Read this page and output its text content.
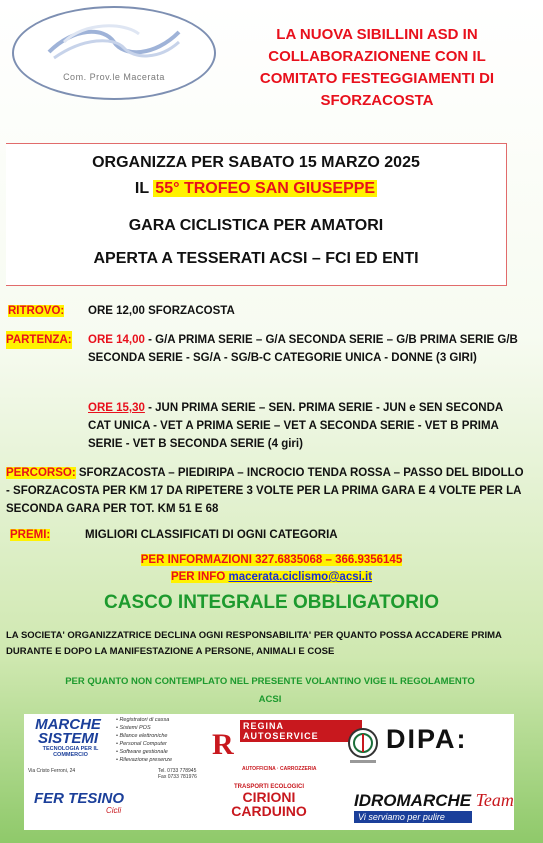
Com. Prov.le Macerata
LA NUOVA SIBILLINI ASD IN
COLLABORAZIONENE CON IL
COMITATO FESTEGGIAMENTI DI
SFORZACOSTA
ORGANIZZA PER SABATO 15 MARZO 2025
IL 55° TROFEO SAN GIUSEPPE
GARA CICLISTICA PER AMATORI
APERTA A TESSERATI ACSI – FCI ED ENTI
RITROVO: ORE 12,00 SFORZACOSTA
PARTENZA: ORE 14,00 - G/A PRIMA SERIE – G/A SECONDA SERIE – G/B PRIMA SERIE G/B SECONDA SERIE - SG/A - SG/B-C CATEGORIE UNICA - DONNE (3 GIRI)
ORE 15,30 - JUN PRIMA SERIE – SEN. PRIMA SERIE - JUN e SEN SECONDA CAT UNICA - VET A PRIMA SERIE – VET A SECONDA SERIE - VET B PRIMA SERIE - VET B SECONDA SERIE (4 giri)
PERCORSO: SFORZACOSTA – PIEDIRIPA – INCROCIO TENDA ROSSA – PASSO DEL BIDOLLO - SFORZACOSTA PER KM 17 DA RIPETERE 3 VOLTE PER LA PRIMA GARA E 4 VOLTE PER LA SECONDA GARA PER TOT. KM 51 E 68
PREMI:	MIGLIORI CLASSIFICATI DI OGNI CATEGORIA
PER INFORMAZIONI 327.6835068 – 366.9356145
PER INFO macerata.ciclismo@acsi.it
CASCO INTEGRALE OBBLIGATORIO
LA SOCIETA' ORGANIZZATRICE DECLINA OGNI RESPONSABILITA' PER QUANTO POSSA ACCADERE PRIMA DURANTE E DOPO LA MANIFESTAZIONE A PERSONE, ANIMALI E COSE
PER QUANTO NON CONTEMPLATO NEL PRESENTE VOLANTINO VIGE IL REGOLAMENTO ACSI
MARCHE
SISTEMI
TECNOLOGIA PER IL COMMERCIO
• Registratori di cassa
• Sistemi POS
• Bilance elettroniche
• Personal Computer
• Software gestionale
• Rilevazione presenze
Via Cristo Ferroni, 24	Tel. 0733 778945
Fax 0733 781976
R
REGINA AUTOSERVICE
AUTOFFICINA · CARROZZERIA
DIPA:
FER TESINO
Cicli
TRASPORTI ECOLOGICI
CIRIONI
CARDUINO
IDROMARCHE Team
Vi serviamo per pulire
